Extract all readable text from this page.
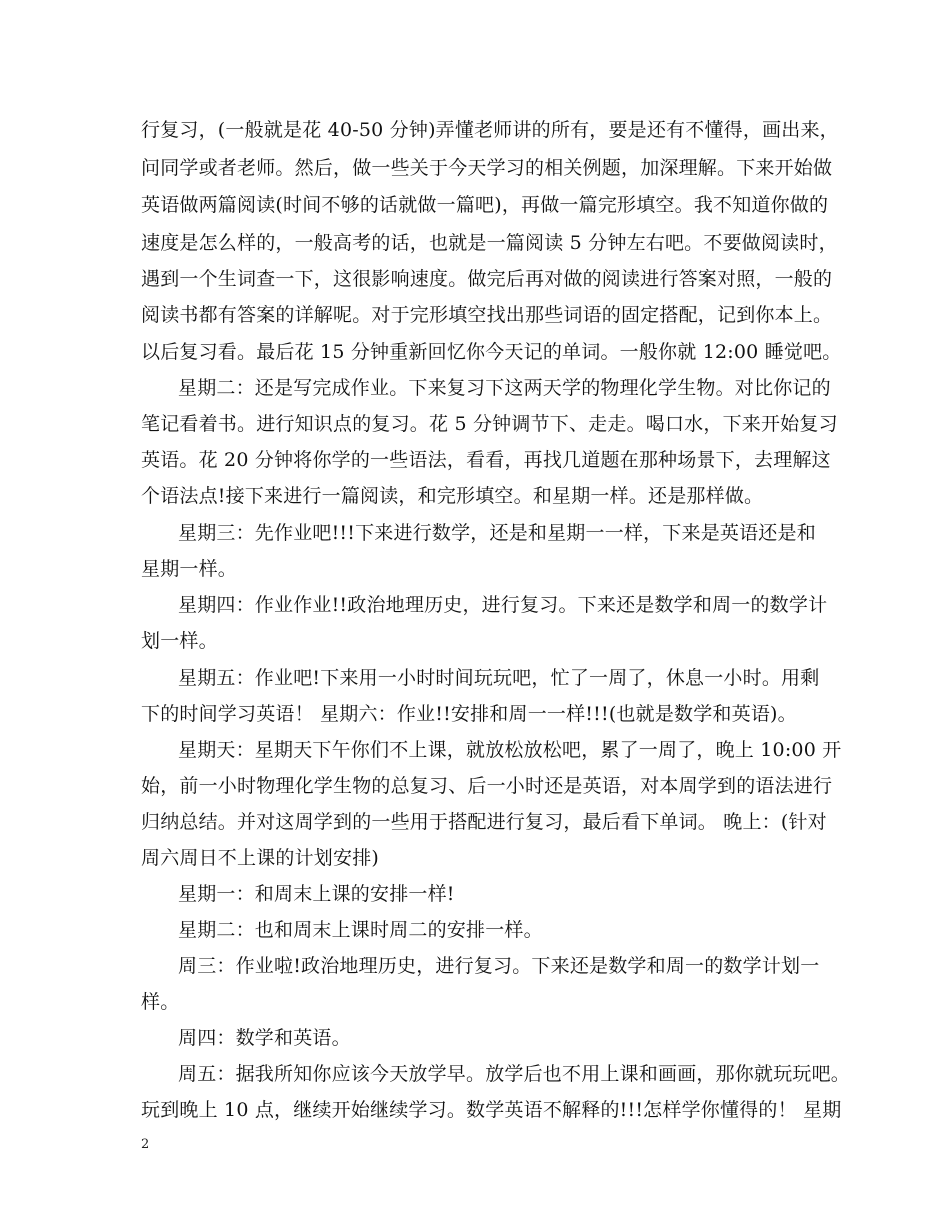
行复习，(一般就是花 40-50 分钟)弄懂老师讲的所有，要是还有不懂得，画出来，
问同学或者老师。然后，做一些关于今天学习的相关例题，加深理解。下来开始做
英语做两篇阅读(时间不够的话就做一篇吧)，再做一篇完形填空。我不知道你做的
速度是怎么样的，一般高考的话，也就是一篇阅读 5 分钟左右吧。不要做阅读时，
遇到一个生词查一下，这很影响速度。做完后再对做的阅读进行答案对照，一般的
阅读书都有答案的详解呢。对于完形填空找出那些词语的固定搭配，记到你本上。
以后复习看。最后花 15 分钟重新回忆你今天记的单词。一般你就 12:00 睡觉吧。
星期二：还是写完成作业。下来复习下这两天学的物理化学生物。对比你记的
笔记看着书。进行知识点的复习。花 5 分钟调节下、走走。喝口水，下来开始复习
英语。花 20 分钟将你学的一些语法，看看，再找几道题在那种场景下，去理解这
个语法点!接下来进行一篇阅读，和完形填空。和星期一样。还是那样做。
星期三：先作业吧!!!下来进行数学，还是和星期一一样，下来是英语还是和
星期一样。
星期四：作业作业!!政治地理历史，进行复习。下来还是数学和周一的数学计
划一样。
星期五：作业吧!下来用一小时时间玩玩吧，忙了一周了，休息一小时。用剩
下的时间学习英语！ 星期六：作业!!安排和周一一样!!!(也就是数学和英语)。
星期天：星期天下午你们不上课，就放松放松吧，累了一周了，晚上 10:00 开
始，前一小时物理化学生物的总复习、后一小时还是英语，对本周学到的语法进行
归纳总结。并对这周学到的一些用于搭配进行复习，最后看下单词。 晚上：(针对
周六周日不上课的计划安排)
星期一：和周末上课的安排一样!
星期二：也和周末上课时周二的安排一样。
周三：作业啦!政治地理历史，进行复习。下来还是数学和周一的数学计划一
样。
周四：数学和英语。
周五：据我所知你应该今天放学早。放学后也不用上课和画画，那你就玩玩吧。
玩到晚上 10 点，继续开始继续学习。数学英语不解释的!!!怎样学你懂得的！ 星期
2
